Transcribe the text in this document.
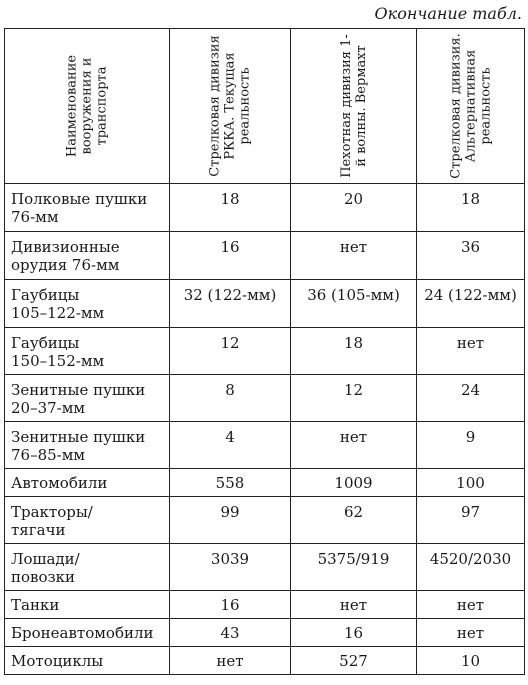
Окончание табл.
Наименование вооружения и транспорта	Стрелковая дивизия РККА. Текущая реальность	Пехотная дивизия 1-й волны. Вермахт	Стрелковая дивизия. Альтернативная реальность

Полковые пушки
76-мм	18	20	18
Дивизионные
орудия 76-мм	16	нет	36
Гаубицы
105–122-мм	32 (122-мм)	36 (105-мм)	24 (122-мм)
Гаубицы
150–152-мм	12	18	нет
Зенитные пушки
20–37-мм	8	12	24
Зенитные пушки
76–85-мм	4	нет	9
Автомобили	558	1009	100
Тракторы/
тягачи	99	62	97
Лошади/
повозки	3039	5375/919	4520/2030
Танки	16	нет	нет
Бронеавтомобили	43	16	нет
Мотоциклы	нет	527	10
